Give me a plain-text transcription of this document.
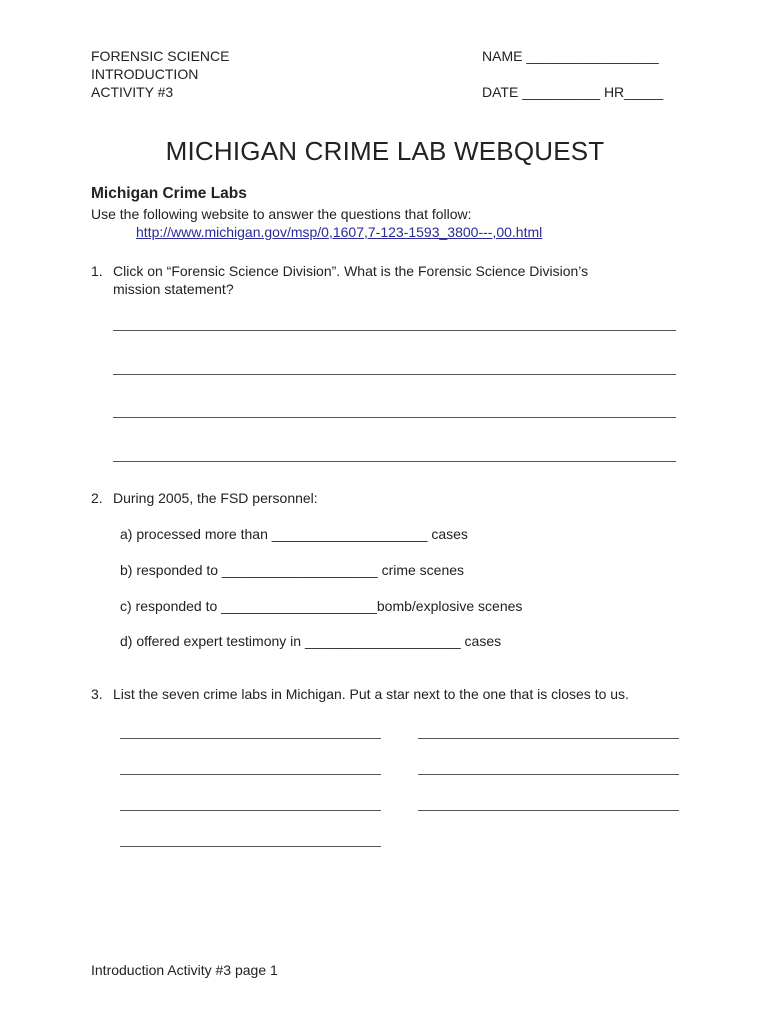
FORENSIC SCIENCE
INTRODUCTION
ACTIVITY #3
NAME _________________
DATE __________ HR_____
MICHIGAN CRIME LAB WEBQUEST
Michigan Crime Labs
Use the following website to answer the questions that follow:
http://www.michigan.gov/msp/0,1607,7-123-1593_3800---,00.html
1. Click on “Forensic Science Division”. What is the Forensic Science Division’s
mission statement?
2. During 2005, the FSD personnel:
a) processed more than ____________________ cases
b) responded to ____________________ crime scenes
c) responded to ____________________bomb/explosive scenes
d) offered expert testimony in ____________________ cases
3. List the seven crime labs in Michigan. Put a star next to the one that is closes to us.
Introduction Activity #3 page 1
